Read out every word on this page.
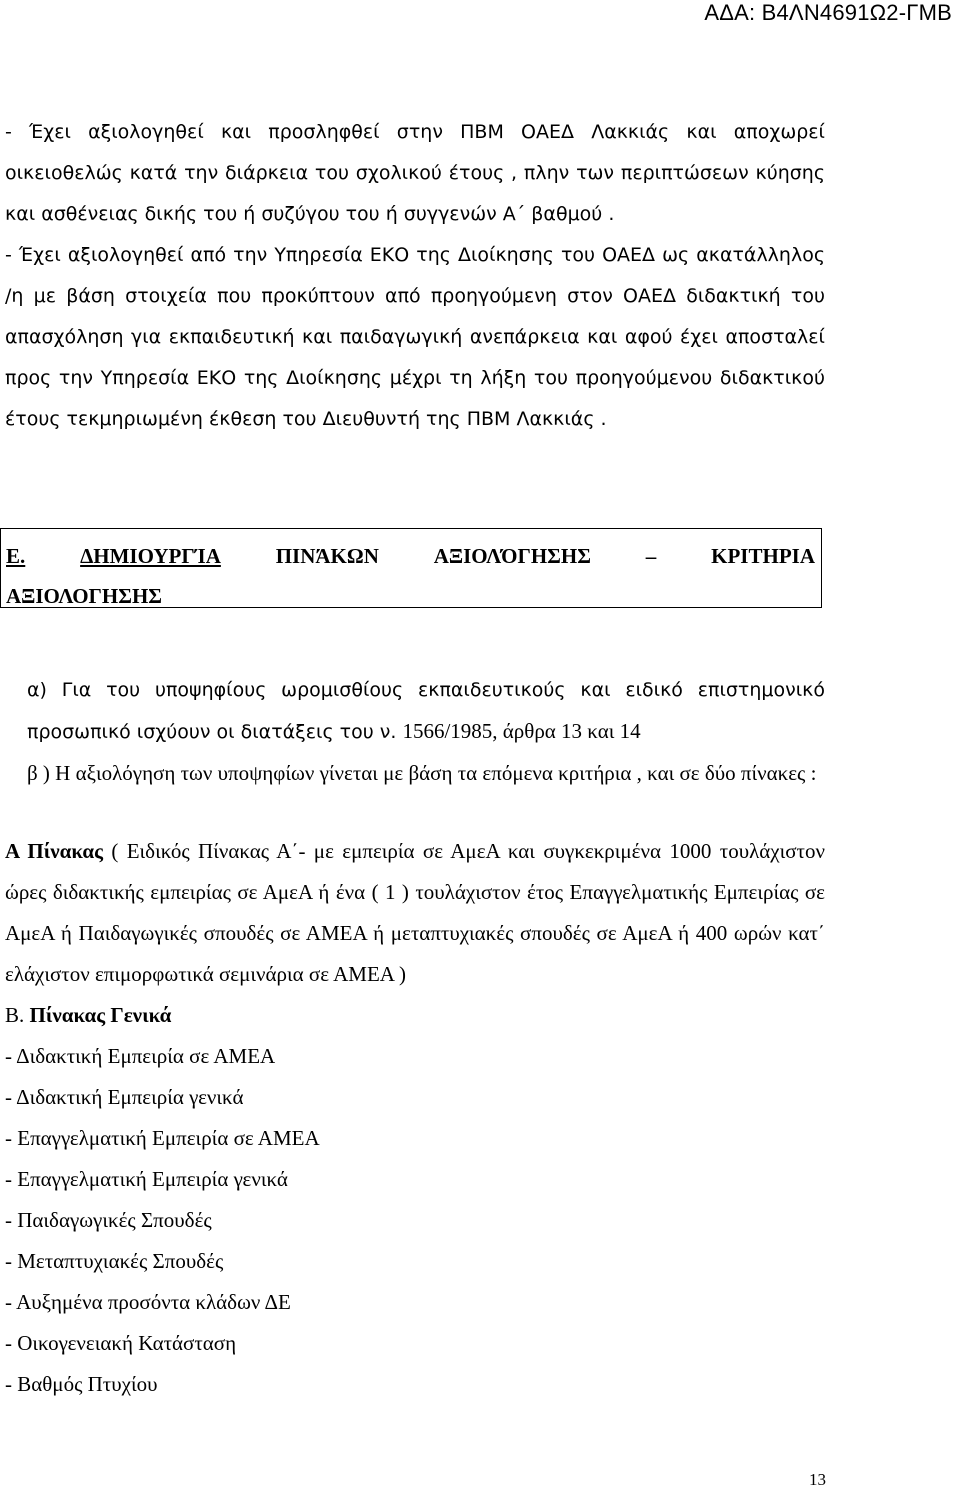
ΑΔΑ: Β4ΛΝ4691Ω2-ΓΜΒ

- Έχει αξιολογηθεί και προσληφθεί στην ΠΒΜ ΟΑΕΔ Λακκιάς και αποχωρεί οικειοθελώς κατά την διάρκεια του σχολικού έτους , πλην των περιπτώσεων κύησης και ασθένειας δικής του ή συζύγου του ή συγγενών Α΄ βαθμού .

- Έχει αξιολογηθεί από την Υπηρεσία ΕΚΟ της Διοίκησης του ΟΑΕΔ ως ακατάλληλος /η με βάση στοιχεία που προκύπτουν από προηγούμενη στον ΟΑΕΔ διδακτική του απασχόληση για εκπαιδευτική και παιδαγωγική ανεπάρκεια και αφού έχει αποσταλεί προς την Υπηρεσία ΕΚΟ της Διοίκησης μέχρι τη λήξη του προηγούμενου διδακτικού έτους τεκμηριωμένη έκθεση του Διευθυντή της ΠΒΜ Λακκιάς .

Ε.	ΔΗΜΙΟΥΡΓΊΑ	ΠΙΝΆΚΩΝ	ΑΞΙΟΛΌΓΗΣΗΣ	–	ΚΡΙΤΗΡΙΑ
ΑΞΙΟΛΟΓΗΣΗΣ

α) Για του υποψηφίους ωρομισθίους εκπαιδευτικούς και ειδικό επιστημονικό προσωπικό ισχύουν οι διατάξεις του ν. 1566/1985, άρθρα 13 και 14

β ) Η αξιολόγηση των υποψηφίων γίνεται με βάση τα επόμενα κριτήρια , και σε δύο πίνακες :

Α Πίνακας ( Ειδικός Πίνακας Α΄- με εμπειρία σε ΑμεΑ και συγκεκριμένα 1000 τουλάχιστον ώρες διδακτικής εμπειρίας σε ΑμεΑ ή ένα ( 1 ) τουλάχιστον έτος Επαγγελματικής Εμπειρίας σε ΑμεΑ ή Παιδαγωγικές σπουδές σε ΑΜΕΑ ή μεταπτυχιακές σπουδές σε ΑμεΑ ή 400 ωρών κατ΄ ελάχιστον επιμορφωτικά σεμινάρια σε ΑΜΕΑ )

Β. Πίνακας Γενικά

- Διδακτική Εμπειρία σε ΑΜΕΑ
- Διδακτική Εμπειρία γενικά
- Επαγγελματική Εμπειρία σε ΑΜΕΑ
- Επαγγελματική Εμπειρία γενικά
- Παιδαγωγικές Σπουδές
- Μεταπτυχιακές Σπουδές
- Αυξημένα προσόντα κλάδων ΔΕ
- Οικογενειακή Κατάσταση
- Βαθμός Πτυχίου
13
